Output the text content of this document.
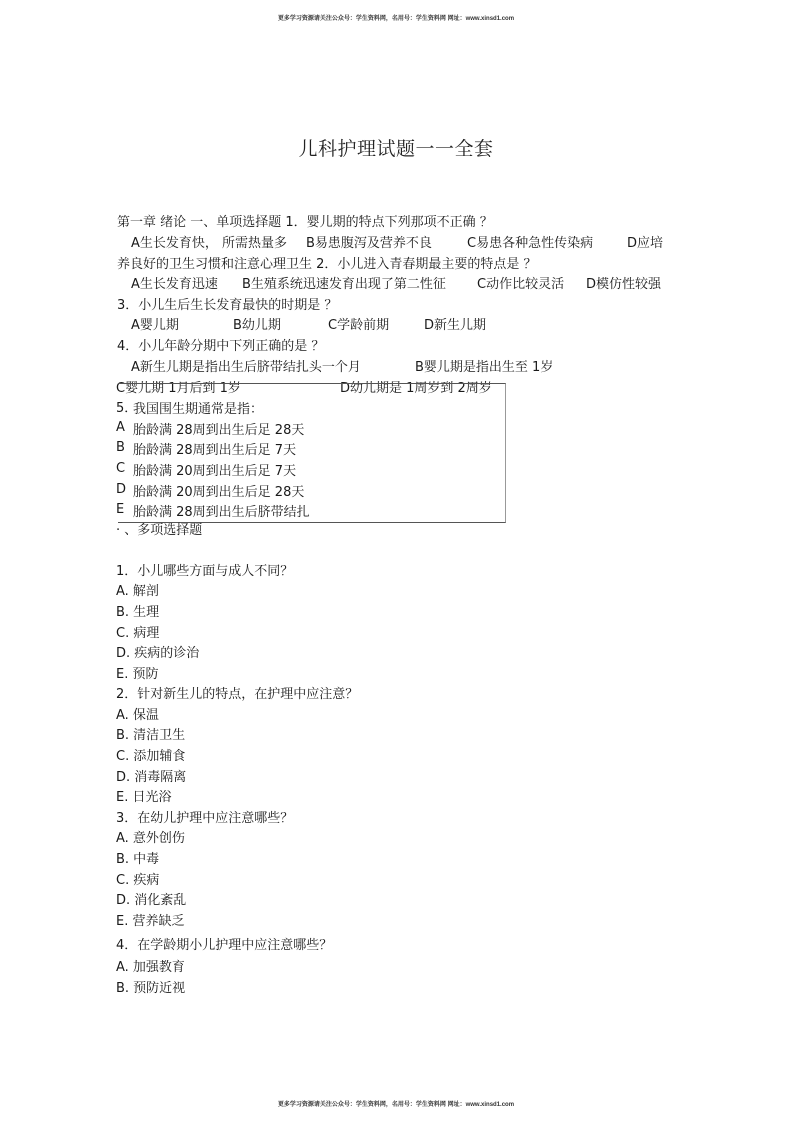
更多学习资源请关注公众号：学生资料网，名用号：学生资料网 网址：www.xinsd1.com
儿科护理试题一一全套
第一章 绪论 一、单项选择题 1．婴儿期的特点下列那项不正确 ？
A生长发育快， 所需热量多 B易患腹泻及营养不良	C易患各种急性传染病	D应培
养良好的卫生习惯和注意心理卫生 2．小儿进入青春期最主要的特点是 ？
A生长发育迅速 B生殖系统迅速发育出现了第二性征 C动作比较灵活 D模仿性较强
3．小儿生后生长发育最快的时期是 ？
A婴儿期	B幼儿期	C学龄前期	D新生儿期
4．小儿年龄分期中下列正确的是 ？
A新生儿期是指出生后脐带结扎头一个月	B婴儿期是指出生至 1岁
C婴儿期 1月后到 1岁	D幼儿期是 1周岁到 2周岁
5．
我国围生期通常是指：
A 胎龄满 28周到出生后足 28天
B 胎龄满 28周到出生后足 7天
C 胎龄满 20周到出生后足 7天
D 胎龄满 20周到出生后足 28天
E 胎龄满 28周到出生后脐带结扎
· 、多项选择题
1．小儿哪些方面与成人不同？
A. 解剖
B. 生理
C. 病理
D. 疾病的诊治
E. 预防
2．针对新生儿的特点，在护理中应注意？
A. 保温
B. 清洁卫生
C. 添加辅食
D. 消毒隔离
E. 日光浴
3．在幼儿护理中应注意哪些？
A. 意外创伤
B. 中毒
C. 疾病
D. 消化紊乱
E. 营养缺乏
4．在学龄期小儿护理中应注意哪些？
A. 加强教育
B. 预防近视
更多学习资源请关注公众号：学生资料网，名用号：学生资料网 网址：www.xinsd1.com
